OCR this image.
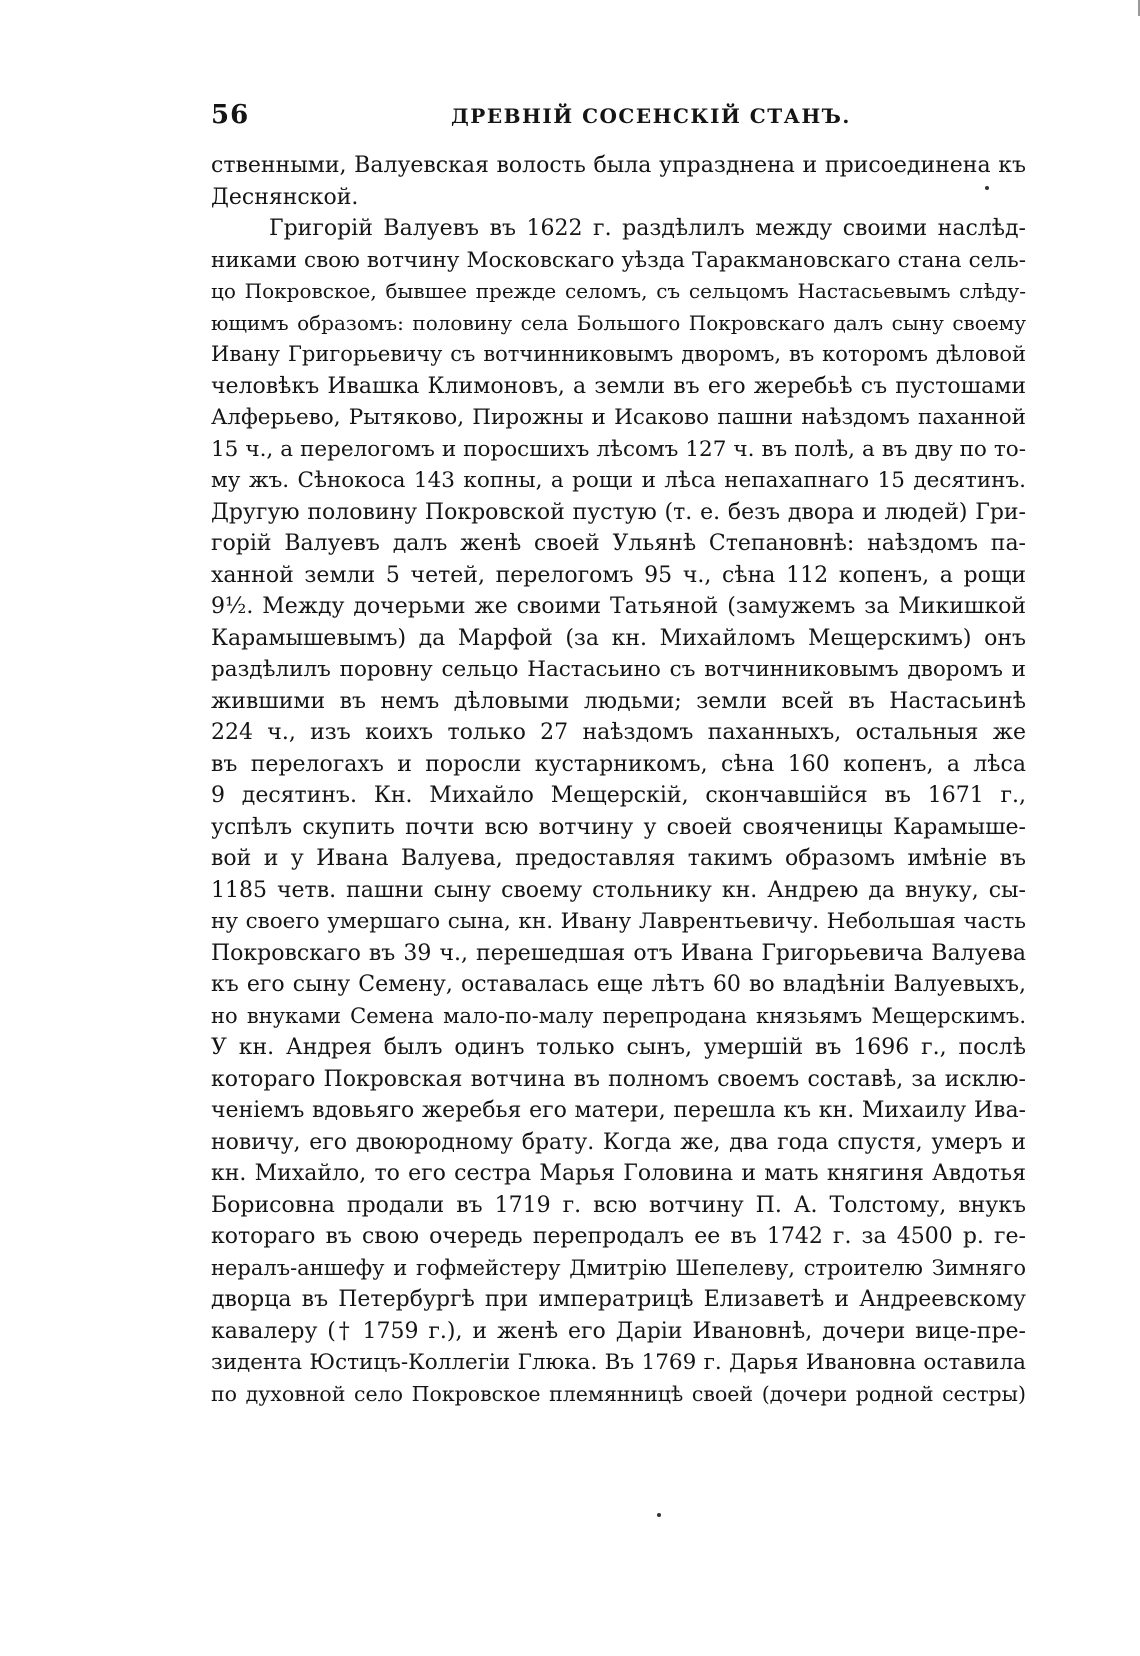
56	ДРЕВНІЙ СОСЕНСКІЙ СТАНЪ.
ственными, Валуевская волость была упразднена и присоединена къ
Деснянской.
Григорій Валуевъ въ 1622 г. раздѣлилъ между своими наслѣд-
никами свою вотчину Московскаго уѣзда Таракмановскаго стана сель-
цо Покровское, бывшее прежде селомъ, съ сельцомъ Настасьевымъ слѣду-
ющимъ образомъ: половину села Большого Покровскаго далъ сыну своему
Ивану Григорьевичу съ вотчинниковымъ дворомъ, въ которомъ дѣловой
человѣкъ Ивашка Климоновъ, а земли въ его жеребьѣ съ пустошами
Алферьево, Рытяково, Пирожны и Исаково пашни наѣздомъ паханной
15 ч., а перелогомъ и поросшихъ лѣсомъ 127 ч. въ полѣ, а въ дву по то-
му жъ. Сѣнокоса 143 копны, а рощи и лѣса непахапнаго 15 десятинъ.
Другую половину Покровской пустую (т. е. безъ двора и людей) Гри-
горій Валуевъ далъ женѣ своей Ульянѣ Степановнѣ: наѣздомъ па-
ханной земли 5 четей, перелогомъ 95 ч., сѣна 112 копенъ, а рощи
9½. Между дочерьми же своими Татьяной (замужемъ за Микишкой
Карамышевымъ) да Марфой (за кн. Михайломъ Мещерскимъ) онъ
раздѣлилъ поровну сельцо Настасьино съ вотчинниковымъ дворомъ и
жившими въ немъ дѣловыми людьми; земли всей въ Настасьинѣ
224 ч., изъ коихъ только 27 наѣздомъ паханныхъ, остальныя же
въ перелогахъ и поросли кустарникомъ, сѣна 160 копенъ, а лѣса
9 десятинъ. Кн. Михайло Мещерскій, скончавшійся въ 1671 г.,
успѣлъ скупить почти всю вотчину у своей свояченицы Карамыше-
вой и у Ивана Валуева, предоставляя такимъ образомъ имѣніе въ
1185 четв. пашни сыну своему стольнику кн. Андрею да внуку, сы-
ну своего умершаго сына, кн. Ивану Лаврентьевичу. Небольшая часть
Покровскаго въ 39 ч., перешедшая отъ Ивана Григорьевича Валуева
къ его сыну Семену, оставалась еще лѣтъ 60 во владѣніи Валуевыхъ,
но внуками Семена мало-по-малу перепродана князьямъ Мещерскимъ.
У кн. Андрея былъ одинъ только сынъ, умершій въ 1696 г., послѣ
котораго Покровская вотчина въ полномъ своемъ составѣ, за исклю-
ченіемъ вдовьяго жеребья его матери, перешла къ кн. Михаилу Ива-
новичу, его двоюродному брату. Когда же, два года спустя, умеръ и
кн. Михайло, то его сестра Марья Головина и мать княгиня Авдотья
Борисовна продали въ 1719 г. всю вотчину П. А. Толстому, внукъ
котораго въ свою очередь перепродалъ ее въ 1742 г. за 4500 р. ге-
нералъ-аншефу и гофмейстеру Дмитрію Шепелеву, строителю Зимняго
дворца въ Петербургѣ при императрицѣ Елизаветѣ и Андреевскому
кавалеру († 1759 г.), и женѣ его Даріи Ивановнѣ, дочери вице-пре-
зидента Юстицъ-Коллегіи Глюка. Въ 1769 г. Дарья Ивановна оставила
по духовной село Покровское племянницѣ своей (дочери родной сестры)
